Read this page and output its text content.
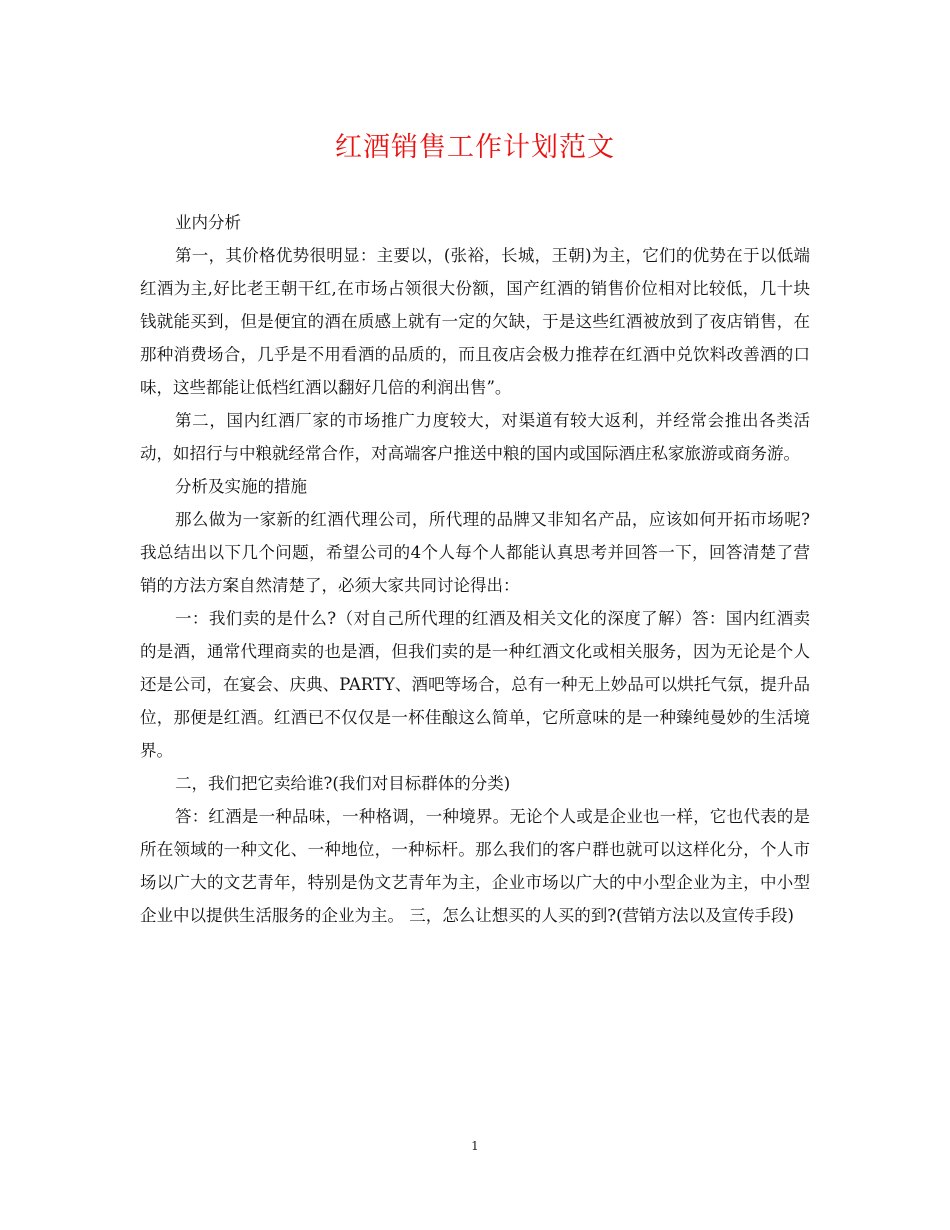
红酒销售工作计划范文

业内分析

第一，其价格优势很明显：主要以，(张裕，长城，王朝)为主，它们的优势在于以低端红酒为主,好比老王朝干红,在市场占领很大份额，国产红酒的销售价位相对比较低，几十块钱就能买到，但是便宜的酒在质感上就有一定的欠缺，于是这些红酒被放到了夜店销售，在那种消费场合，几乎是不用看酒的品质的，而且夜店会极力推荐在红酒中兑饮料改善酒的口味，这些都能让低档红酒以翻好几倍的利润出售”。

第二，国内红酒厂家的市场推广力度较大，对渠道有较大返利，并经常会推出各类活动，如招行与中粮就经常合作，对高端客户推送中粮的国内或国际酒庄私家旅游或商务游。

分析及实施的措施

那么做为一家新的红酒代理公司，所代理的品牌又非知名产品，应该如何开拓市场呢?我总结出以下几个问题，希望公司的4个人每个人都能认真思考并回答一下，回答清楚了营销的方法方案自然清楚了，必须大家共同讨论得出：

一：我们卖的是什么?（对自己所代理的红酒及相关文化的深度了解）答：国内红酒卖的是酒，通常代理商卖的也是酒，但我们卖的是一种红酒文化或相关服务，因为无论是个人还是公司，在宴会、庆典、PARTY、酒吧等场合，总有一种无上妙品可以烘托气氛，提升品位，那便是红酒。红酒已不仅仅是一杯佳酿这么简单，它所意味的是一种臻纯曼妙的生活境界。

二，我们把它卖给谁?(我们对目标群体的分类)

答：红酒是一种品味，一种格调，一种境界。无论个人或是企业也一样，它也代表的是所在领域的一种文化、一种地位，一种标杆。那么我们的客户群也就可以这样化分，个人市场以广大的文艺青年，特别是伪文艺青年为主，企业市场以广大的中小型企业为主，中小型企业中以提供生活服务的企业为主。 三，怎么让想买的人买的到?(营销方法以及宣传手段)

1
